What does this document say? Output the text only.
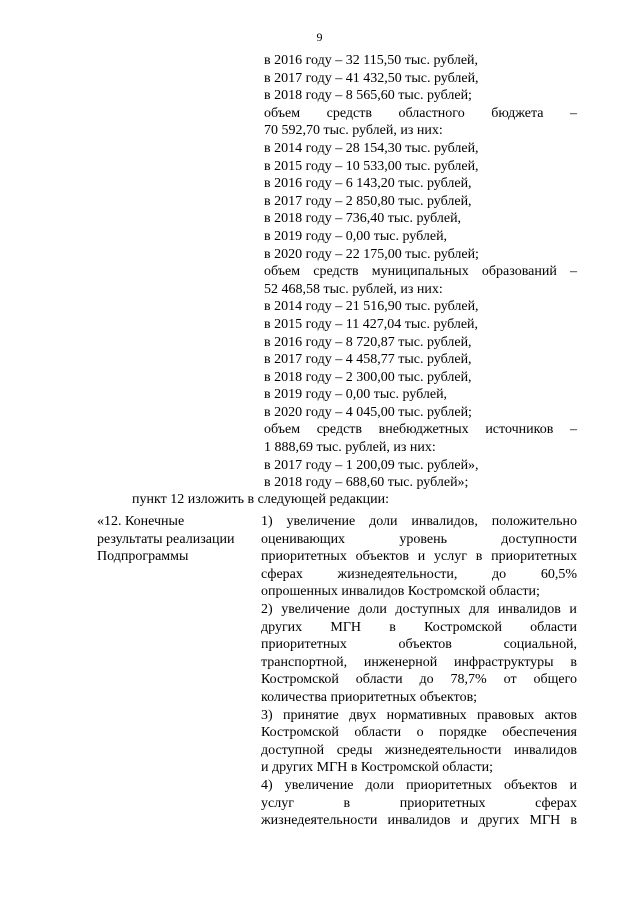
9
в 2016 году – 32 115,50 тыс. рублей,
в 2017 году – 41 432,50 тыс. рублей,
в 2018 году – 8 565,60 тыс. рублей;
объем средств областного бюджета –
70 592,70 тыс. рублей, из них:
в 2014 году – 28 154,30 тыс. рублей,
в 2015 году – 10 533,00 тыс. рублей,
в 2016 году – 6 143,20 тыс. рублей,
в 2017 году – 2 850,80 тыс. рублей,
в 2018 году – 736,40 тыс. рублей,
в 2019 году – 0,00 тыс. рублей,
в 2020 году – 22 175,00 тыс. рублей;
объем средств муниципальных образований –
52 468,58 тыс. рублей, из них:
в 2014 году – 21 516,90 тыс. рублей,
в 2015 году – 11 427,04 тыс. рублей,
в 2016 году – 8 720,87 тыс. рублей,
в 2017 году – 4 458,77 тыс. рублей,
в 2018 году – 2 300,00 тыс. рублей,
в 2019 году – 0,00 тыс. рублей,
в 2020 году – 4 045,00 тыс. рублей;
объем средств внебюджетных источников –
1 888,69 тыс. рублей, из них:
в 2017 году – 1 200,09 тыс. рублей»,
в 2018 году – 688,60 тыс. рублей»;
пункт 12 изложить в следующей редакции:
«12. Конечные
результаты реализации
Подпрограммы
1) увеличение доли инвалидов, положительно
оценивающих	уровень	доступности
приоритетных объектов и услуг в приоритетных
сферах жизнедеятельности, до 60,5%
опрошенных инвалидов Костромской области;
2) увеличение доли доступных для инвалидов и
других МГН в Костромской области
приоритетных	объектов	социальной,
транспортной, инженерной инфраструктуры в
Костромской области до 78,7% от общего
количества приоритетных объектов;
3) принятие двух нормативных правовых актов
Костромской области о порядке обеспечения
доступной среды жизнедеятельности инвалидов
и других МГН в Костромской области;
4) увеличение доли приоритетных объектов и
услуг	в	приоритетных	сферах
жизнедеятельности инвалидов и других МГН в
